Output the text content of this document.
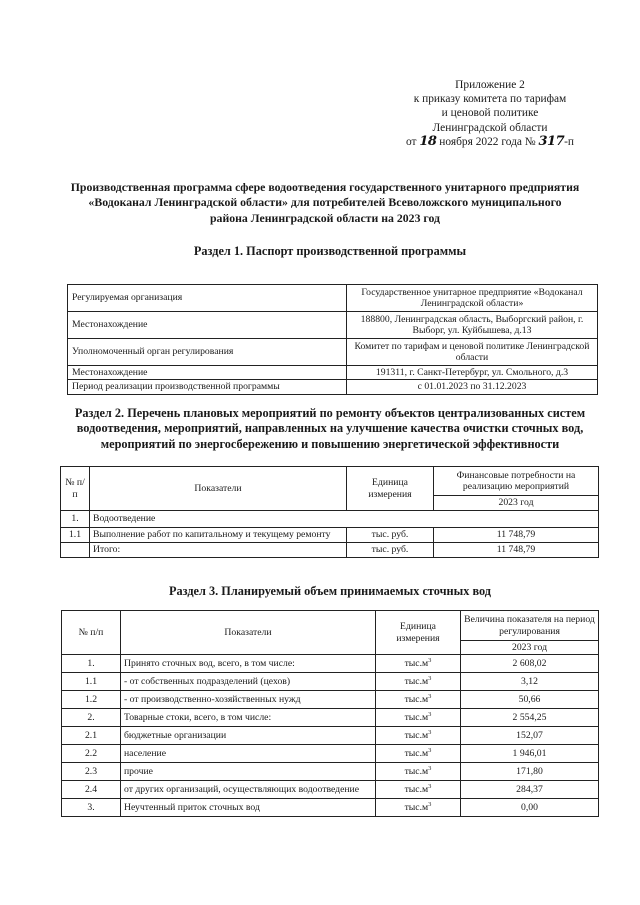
Приложение 2
к приказу комитета по тарифам
и ценовой политике
Ленинградской области
от 18 ноября 2022 года № 317-п
Производственная программа сфере водоотведения государственного унитарного предприятия «Водоканал Ленинградской области» для потребителей Всеволожского муниципального района Ленинградской области на 2023 год
Раздел 1. Паспорт производственной программы
Регулируемая организация	Государственное унитарное предприятие «Водоканал Ленинградской области»
Местонахождение	188800, Ленинградская область, Выборгский район, г. Выборг, ул. Куйбышева, д.13
Уполномоченный орган регулирования	Комитет по тарифам и ценовой политике Ленинградской области
Местонахождение	191311, г. Санкт-Петербург, ул. Смольного, д.3
Период реализации производственной программы	с 01.01.2023 по 31.12.2023
Раздел 2. Перечень плановых мероприятий по ремонту объектов централизованных систем водоотведения, мероприятий, направленных на улучшение качества очистки сточных вод, мероприятий по энергосбережению и повышению энергетической эффективности
№ п/п	Показатели	Единица измерения	Финансовые потребности на реализацию мероприятий
			2023 год
1.	Водоотведение		
1.1	Выполнение работ по капитальному и текущему ремонту	тыс. руб.	11 748,79
	Итого:	тыс. руб.	11 748,79
Раздел 3. Планируемый объем принимаемых сточных вод
№ п/п	Показатели	Единица измерения	Величина показателя на период регулирования
			2023 год
1.	Принято сточных вод, всего, в том числе:	$тыс.м^3$	2 608,02
1.1	- от собственных подразделений (цехов)	$тыс.м^3$	3,12
1.2	- от производственно-хозяйственных нужд	$тыс.м^3$	50,66
2.	Товарные стоки, всего, в том числе:	$тыс.м^3$	2 554,25
2.1	бюджетные организации	$тыс.м^3$	152,07
2.2	население	$тыс.м^3$	1 946,01
2.3	прочие	$тыс.м^3$	171,80
2.4	от других организаций, осуществляющих водоотведение	$тыс.м^3$	284,37
3.	Неучтенный приток сточных вод	$тыс.м^3$	0,00
